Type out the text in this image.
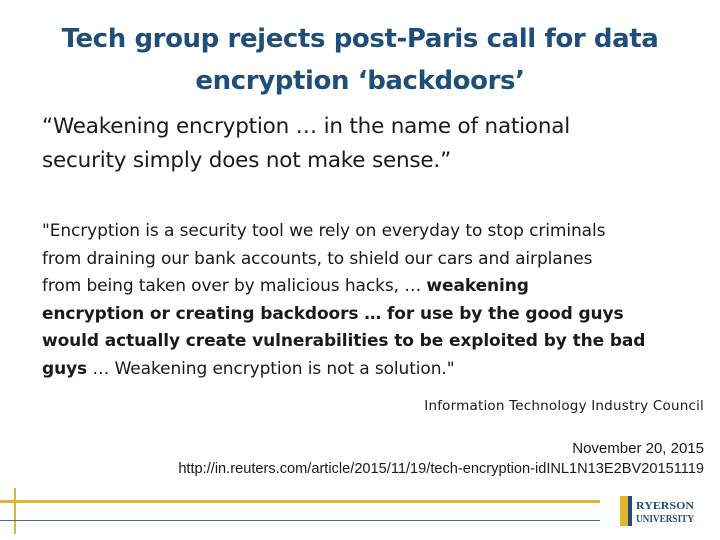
Tech group rejects post-Paris call for data
encryption ‘backdoors’
“Weakening encryption … in the name of national
security simply does not make sense.”
"Encryption is a security tool we rely on everyday to stop criminals
from draining our bank accounts, to shield our cars and airplanes
from being taken over by malicious hacks, … weakening
encryption or creating backdoors … for use by the good guys
would actually create vulnerabilities to be exploited by the bad
guys … Weakening encryption is not a solution."
Information Technology Industry Council
November 20, 2015
http://in.reuters.com/article/2015/11/19/tech-encryption-idINL1N13E2BV20151119
RYERSON
UNIVERSITY
